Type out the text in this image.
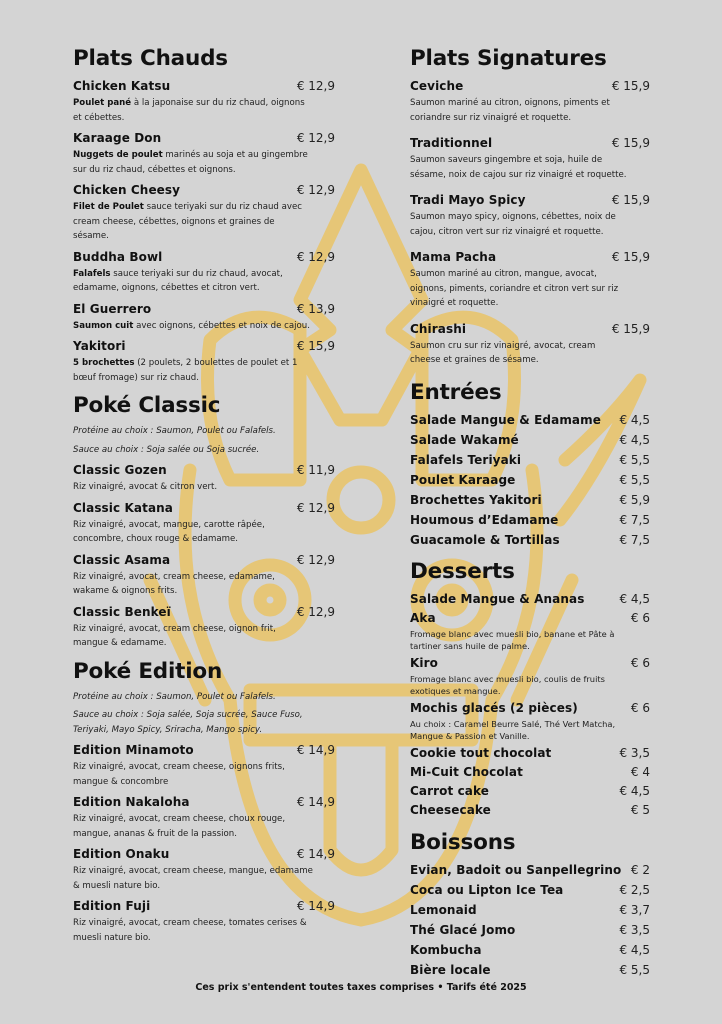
Plats Chauds
Chicken Katsu	€ 12,9
Poulet pané à la japonaise sur du riz chaud, oignons et cébettes.
Karaage Don	€ 12,9
Nuggets de poulet marinés au soja et au gingembre sur du riz chaud, cébettes et oignons.
Chicken Cheesy	€ 12,9
Filet de Poulet sauce teriyaki sur du riz chaud avec cream cheese, cébettes, oignons et graines de sésame.
Buddha Bowl	€ 12,9
Falafels sauce teriyaki sur du riz chaud, avocat, edamame, oignons, cébettes et citron vert.
El Guerrero	€ 13,9
Saumon cuit avec oignons, cébettes et noix de cajou.
Yakitori	€ 15,9
5 brochettes (2 poulets, 2 boulettes de poulet et 1 bœuf fromage) sur riz chaud.
Poké Classic
Protéine au choix : Saumon, Poulet ou Falafels.
Sauce au choix : Soja salée ou Soja sucrée.
Classic Gozen	€ 11,9
Riz vinaigré, avocat & citron vert.
Classic Katana	€ 12,9
Riz vinaigré, avocat, mangue, carotte râpée, concombre, choux rouge & edamame.
Classic Asama	€ 12,9
Riz vinaigré, avocat, cream cheese, edamame, wakame & oignons frits.
Classic Benkeï	€ 12,9
Riz vinaigré, avocat, cream cheese, oignon frit, mangue & edamame.
Poké Edition
Protéine au choix : Saumon, Poulet ou Falafels.
Sauce au choix : Soja salée, Soja sucrée, Sauce Fuso, Teriyaki, Mayo Spicy, Sriracha, Mango spicy.
Edition Minamoto	€ 14,9
Riz vinaigré, avocat, cream cheese, oignons frits, mangue & concombre
Edition Nakaloha	€ 14,9
Riz vinaigré, avocat, cream cheese, choux rouge, mangue, ananas & fruit de la passion.
Edition Onaku	€ 14,9
Riz vinaigré, avocat, cream cheese, mangue, edamame & muesli nature bio.
Edition Fuji	€ 14,9
Riz vinaigré, avocat, cream cheese, tomates cerises & muesli nature bio.
Plats Signatures
Ceviche	€ 15,9
Saumon mariné au citron, oignons, piments et coriandre sur riz vinaigré et roquette.
Traditionnel	€ 15,9
Saumon saveurs gingembre et soja, huile de sésame, noix de cajou sur riz vinaigré et roquette.
Tradi Mayo Spicy	€ 15,9
Saumon mayo spicy, oignons, cébettes, noix de cajou, citron vert sur riz vinaigré et roquette.
Mama Pacha	€ 15,9
Saumon mariné au citron, mangue, avocat, oignons, piments, coriandre et citron vert sur riz vinaigré et roquette.
Chirashi	€ 15,9
Saumon cru sur riz vinaigré, avocat, cream cheese et graines de sésame.
Entrées
Salade Mangue & Edamame € 4,5
Salade Wakamé	€ 4,5
Falafels Teriyaki	€ 5,5
Poulet Karaage	€ 5,5
Brochettes Yakitori	€ 5,9
Houmous d’Edamame	€ 7,5
Guacamole & Tortillas	€ 7,5
Desserts
Salade Mangue & Ananas	€ 4,5
Aka	€ 6
Fromage blanc avec muesli bio, banane et Pâte à tartiner sans huile de palme.
Kiro	€ 6
Fromage blanc avec muesli bio, coulis de fruits exotiques et mangue.
Mochis glacés (2 pièces)	€ 6
Au choix : Caramel Beurre Salé, Thé Vert Matcha, Mangue & Passion et Vanille.
Cookie tout chocolat	€ 3,5
Mi-Cuit Chocolat	€ 4
Carrot cake	€ 4,5
Cheesecake	€ 5
Boissons
Evian, Badoit ou Sanpellegrino € 2
Coca ou Lipton Ice Tea	€ 2,5
Lemonaid	€ 3,7
Thé Glacé Jomo	€ 3,5
Kombucha	€ 4,5
Bière locale	€ 5,5
Ces prix s'entendent toutes taxes comprises • Tarifs été 2025
